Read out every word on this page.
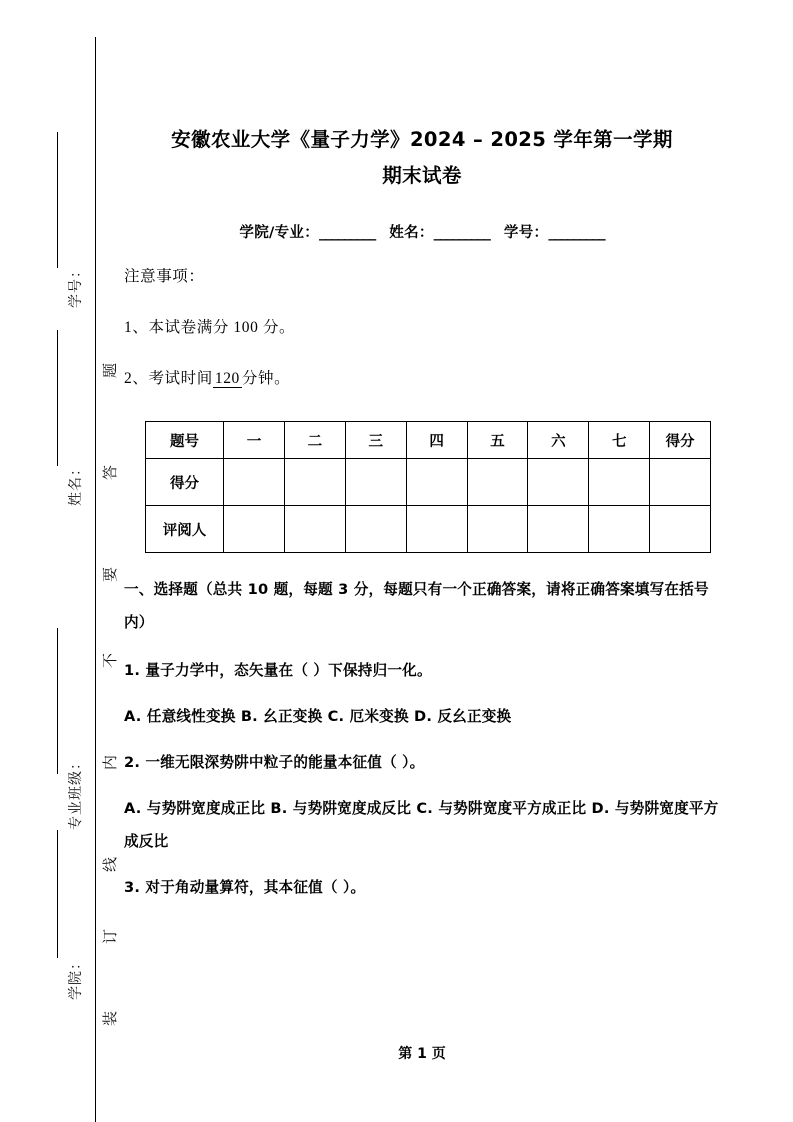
学号：
姓名：
专业班级：
学院：
题
答
要
不
内
线
订
装
安徽农业大学《量子力学》2024 – 2025 学年第一学期
期末试卷
学院/专业：_________ 姓名：_________ 学号：_________
注意事项：
1、本试卷满分 100 分。
2、考试时间 120 分钟。
题号	一	二	三	四	五	六	七	得分
得分								
评阅人								
一、选择题（总共 10 题，每题 3 分，每题只有一个正确答案，请将正确答案填写在括号内）
1. 量子力学中，态矢量在（ ）下保持归一化。
A. 任意线性变换 B. 幺正变换 C. 厄米变换 D. 反幺正变换
2. 一维无限深势阱中粒子的能量本征值（ ）。
A. 与势阱宽度成正比 B. 与势阱宽度成反比 C. 与势阱宽度平方成正比 D. 与势阱宽度平方成反比
3. 对于角动量算符，其本征值（ ）。
第 1 页
